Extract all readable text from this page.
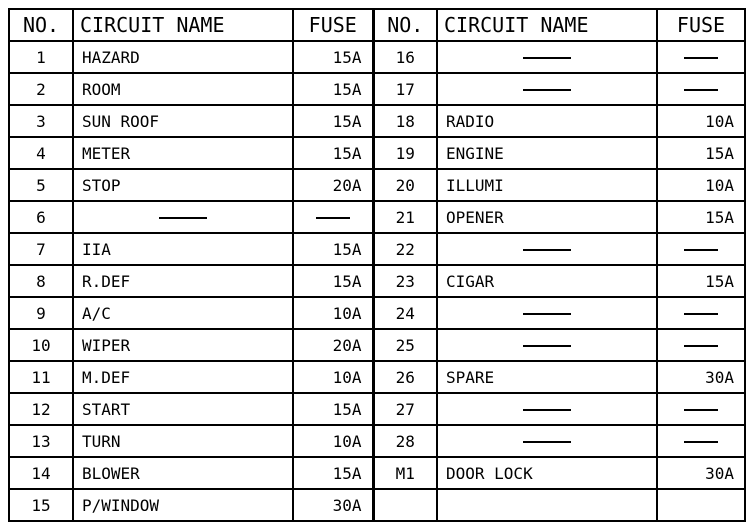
NO.	CIRCUIT NAME	FUSE	NO.	CIRCUIT NAME	FUSE
1	HAZARD	15A	16		
2	ROOM	15A	17		
3	SUN ROOF	15A	18	RADIO	10A
4	METER	15A	19	ENGINE	15A
5	STOP	20A	20	ILLUMI	10A
6			21	OPENER	15A
7	IIA	15A	22		
8	R.DEF	15A	23	CIGAR	15A
9	A/C	10A	24		
10	WIPER	20A	25		
11	M.DEF	10A	26	SPARE	30A
12	START	15A	27		
13	TURN	10A	28		
14	BLOWER	15A	M1	DOOR LOCK	30A
15	P/WINDOW	30A			
